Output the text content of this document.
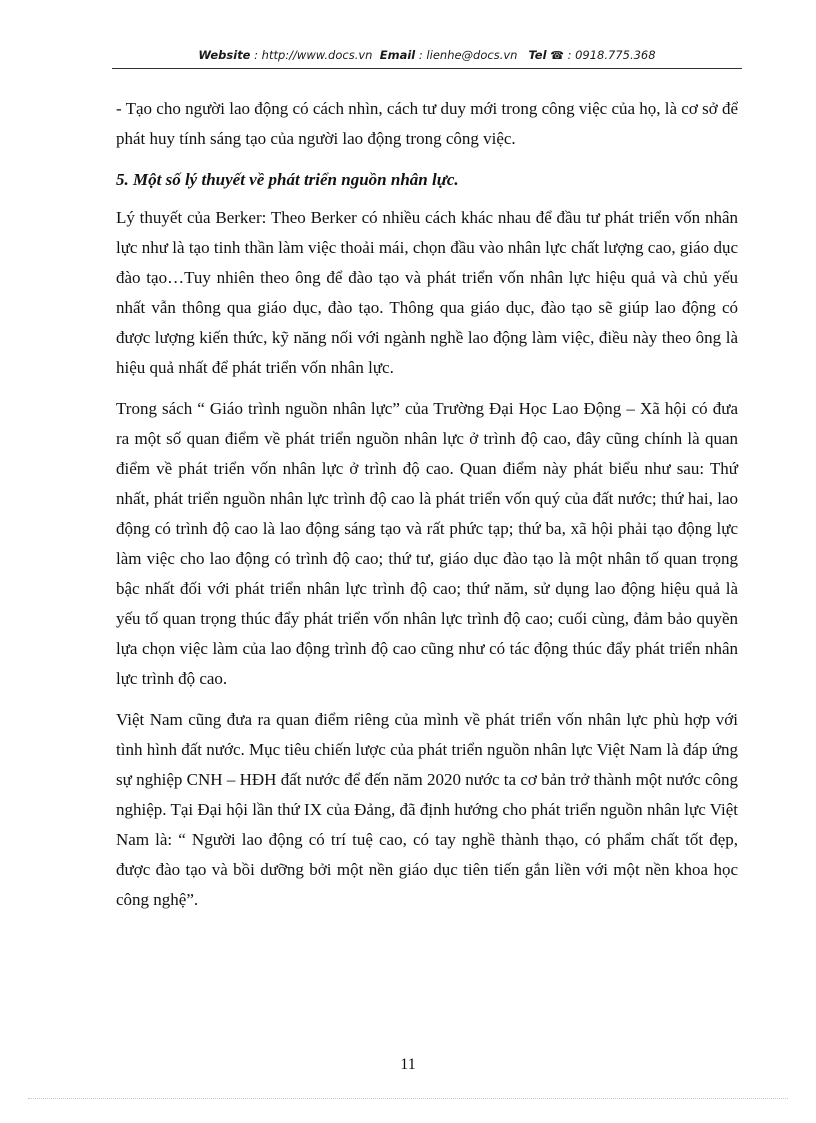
Website : http://www.docs.vn Email : lienhe@docs.vn Tel ☎ : 0918.775.368

- Tạo cho người lao động có cách nhìn, cách tư duy mới trong công việc của họ, là cơ sở để phát huy tính sáng tạo của người lao động trong công việc.

5. Một số lý thuyết về phát triển nguồn nhân lực.

Lý thuyết của Berker: Theo Berker có nhiều cách khác nhau để đầu tư phát triển vốn nhân lực như là tạo tinh thần làm việc thoải mái, chọn đầu vào nhân lực chất lượng cao, giáo dục đào tạo…Tuy nhiên theo ông để đào tạo và phát triển vốn nhân lực hiệu quả và chủ yếu nhất vẫn thông qua giáo dục, đào tạo. Thông qua giáo dục, đào tạo sẽ giúp lao động có được lượng kiến thức, kỹ năng nối với ngành nghề lao động làm việc, điều này theo ông là hiệu quả nhất để phát triển vốn nhân lực.

Trong sách “ Giáo trình nguồn nhân lực” của Trường Đại Học Lao Động – Xã hội có đưa ra một số quan điểm về phát triển nguồn nhân lực ở trình độ cao, đây cũng chính là quan điểm về phát triển vốn nhân lực ở trình độ cao. Quan điểm này phát biểu như sau: Thứ nhất, phát triển nguồn nhân lực trình độ cao là phát triển vốn quý của đất nước; thứ hai, lao động có trình độ cao là lao động sáng tạo và rất phức tạp; thứ ba, xã hội phải tạo động lực làm việc cho lao động có trình độ cao; thứ tư, giáo dục đào tạo là một nhân tố quan trọng bậc nhất đối với phát triển nhân lực trình độ cao; thứ năm, sử dụng lao động hiệu quả là yếu tố quan trọng thúc đẩy phát triển vốn nhân lực trình độ cao; cuối cùng, đảm bảo quyền lựa chọn việc làm của lao động trình độ cao cũng như có tác động thúc đẩy phát triển nhân lực trình độ cao.

Việt Nam cũng đưa ra quan điểm riêng của mình về phát triển vốn nhân lực phù hợp với tình hình đất nước. Mục tiêu chiến lược của phát triển nguồn nhân lực Việt Nam là đáp ứng sự nghiệp CNH – HĐH đất nước để đến năm 2020 nước ta cơ bản trở thành một nước công nghiệp. Tại Đại hội lần thứ IX của Đảng, đã định hướng cho phát triển nguồn nhân lực Việt Nam là: “ Người lao động có trí tuệ cao, có tay nghề thành thạo, có phẩm chất tốt đẹp, được đào tạo và bồi dưỡng bởi một nền giáo dục tiên tiến gắn liền với một nền khoa học công nghệ”.

11
